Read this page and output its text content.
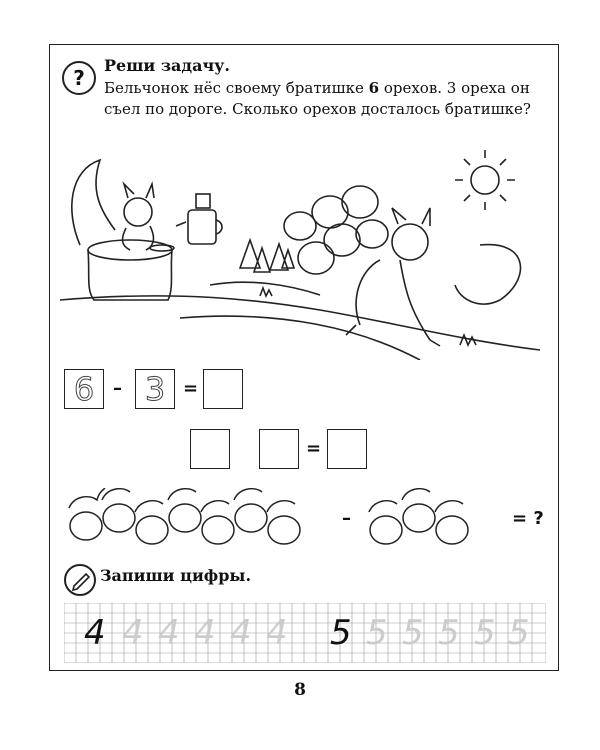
?
Реши задачу.
Бельчонок нёс своему братишке 6 орехов. 3 ореха он съел по дороге. Сколько орехов досталось братишке?
6	– 3 =
=
–	= ?
Запиши цифры.
4 4 4 4 4 4 5 5 5 5 5 5
8
